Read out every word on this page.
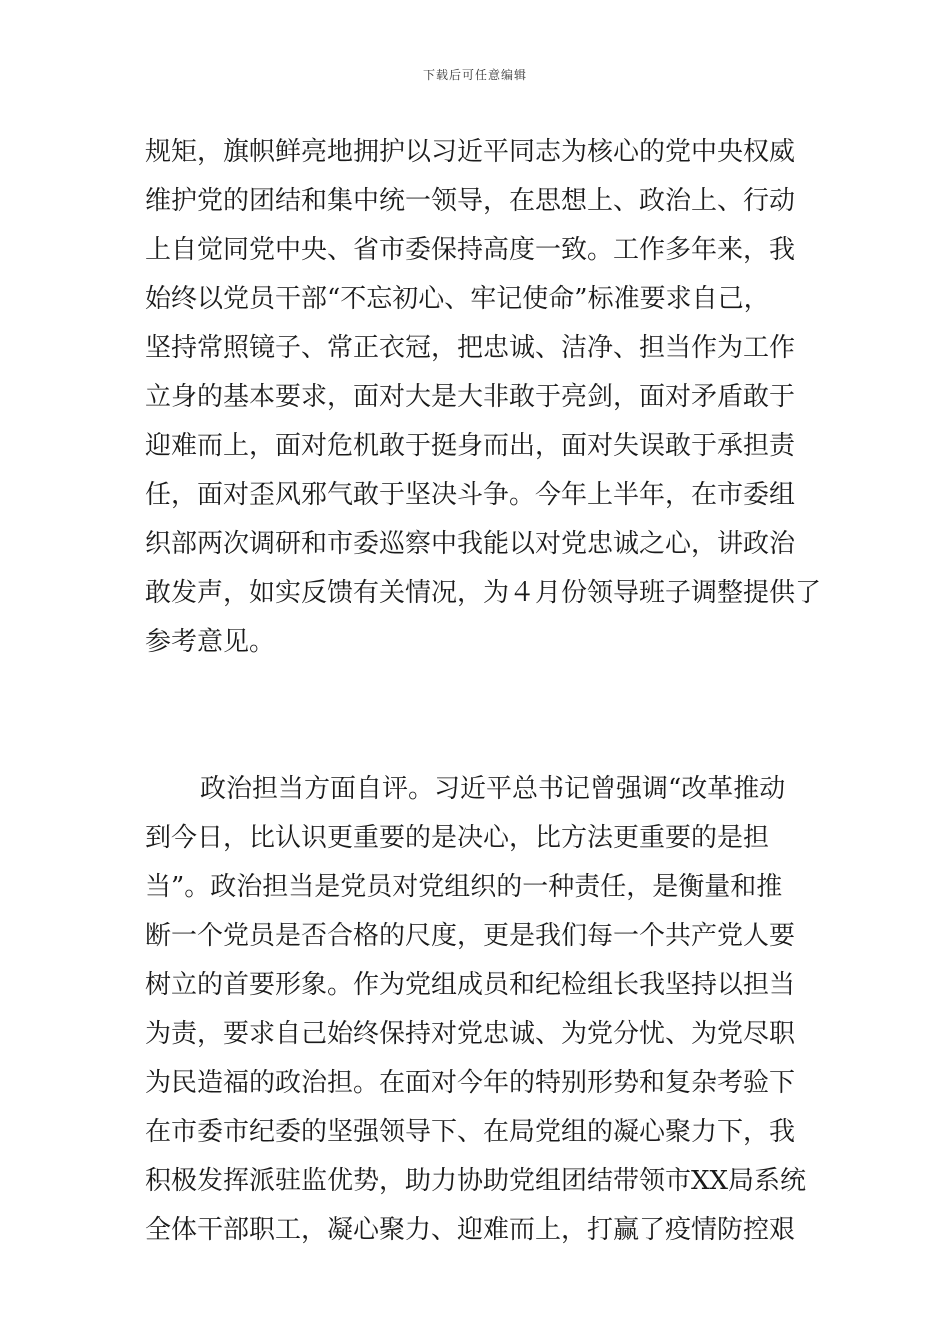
下载后可任意编辑
规矩，旗帜鲜亮地拥护以习近平同志为核心的党中央权威
维护党的团结和集中统一领导，在思想上、政治上、行动
上自觉同党中央、省市委保持高度一致。工作多年来，我
始终以党员干部“不忘初心、牢记使命”标准要求自己，
坚持常照镜子、常正衣冠，把忠诚、洁净、担当作为工作
立身的基本要求，面对大是大非敢于亮剑，面对矛盾敢于
迎难而上，面对危机敢于挺身而出，面对失误敢于承担责
任，面对歪风邪气敢于坚决斗争。今年上半年，在市委组
织部两次调研和市委巡察中我能以对党忠诚之心，讲政治
敢发声，如实反馈有关情况，为４月份领导班子调整提供了
参考意见。
政治担当方面自评。习近平总书记曾强调“改革推动
到今日，比认识更重要的是决心，比方法更重要的是担
当”。政治担当是党员对党组织的一种责任，是衡量和推
断一个党员是否合格的尺度，更是我们每一个共产党人要
树立的首要形象。作为党组成员和纪检组长我坚持以担当
为责，要求自己始终保持对党忠诚、为党分忧、为党尽职
为民造福的政治担。在面对今年的特别形势和复杂考验下
在市委市纪委的坚强领导下、在局党组的凝心聚力下，我
积极发挥派驻监优势，助力协助党组团结带领市XX局系统
全体干部职工，凝心聚力、迎难而上，打赢了疫情防控艰
